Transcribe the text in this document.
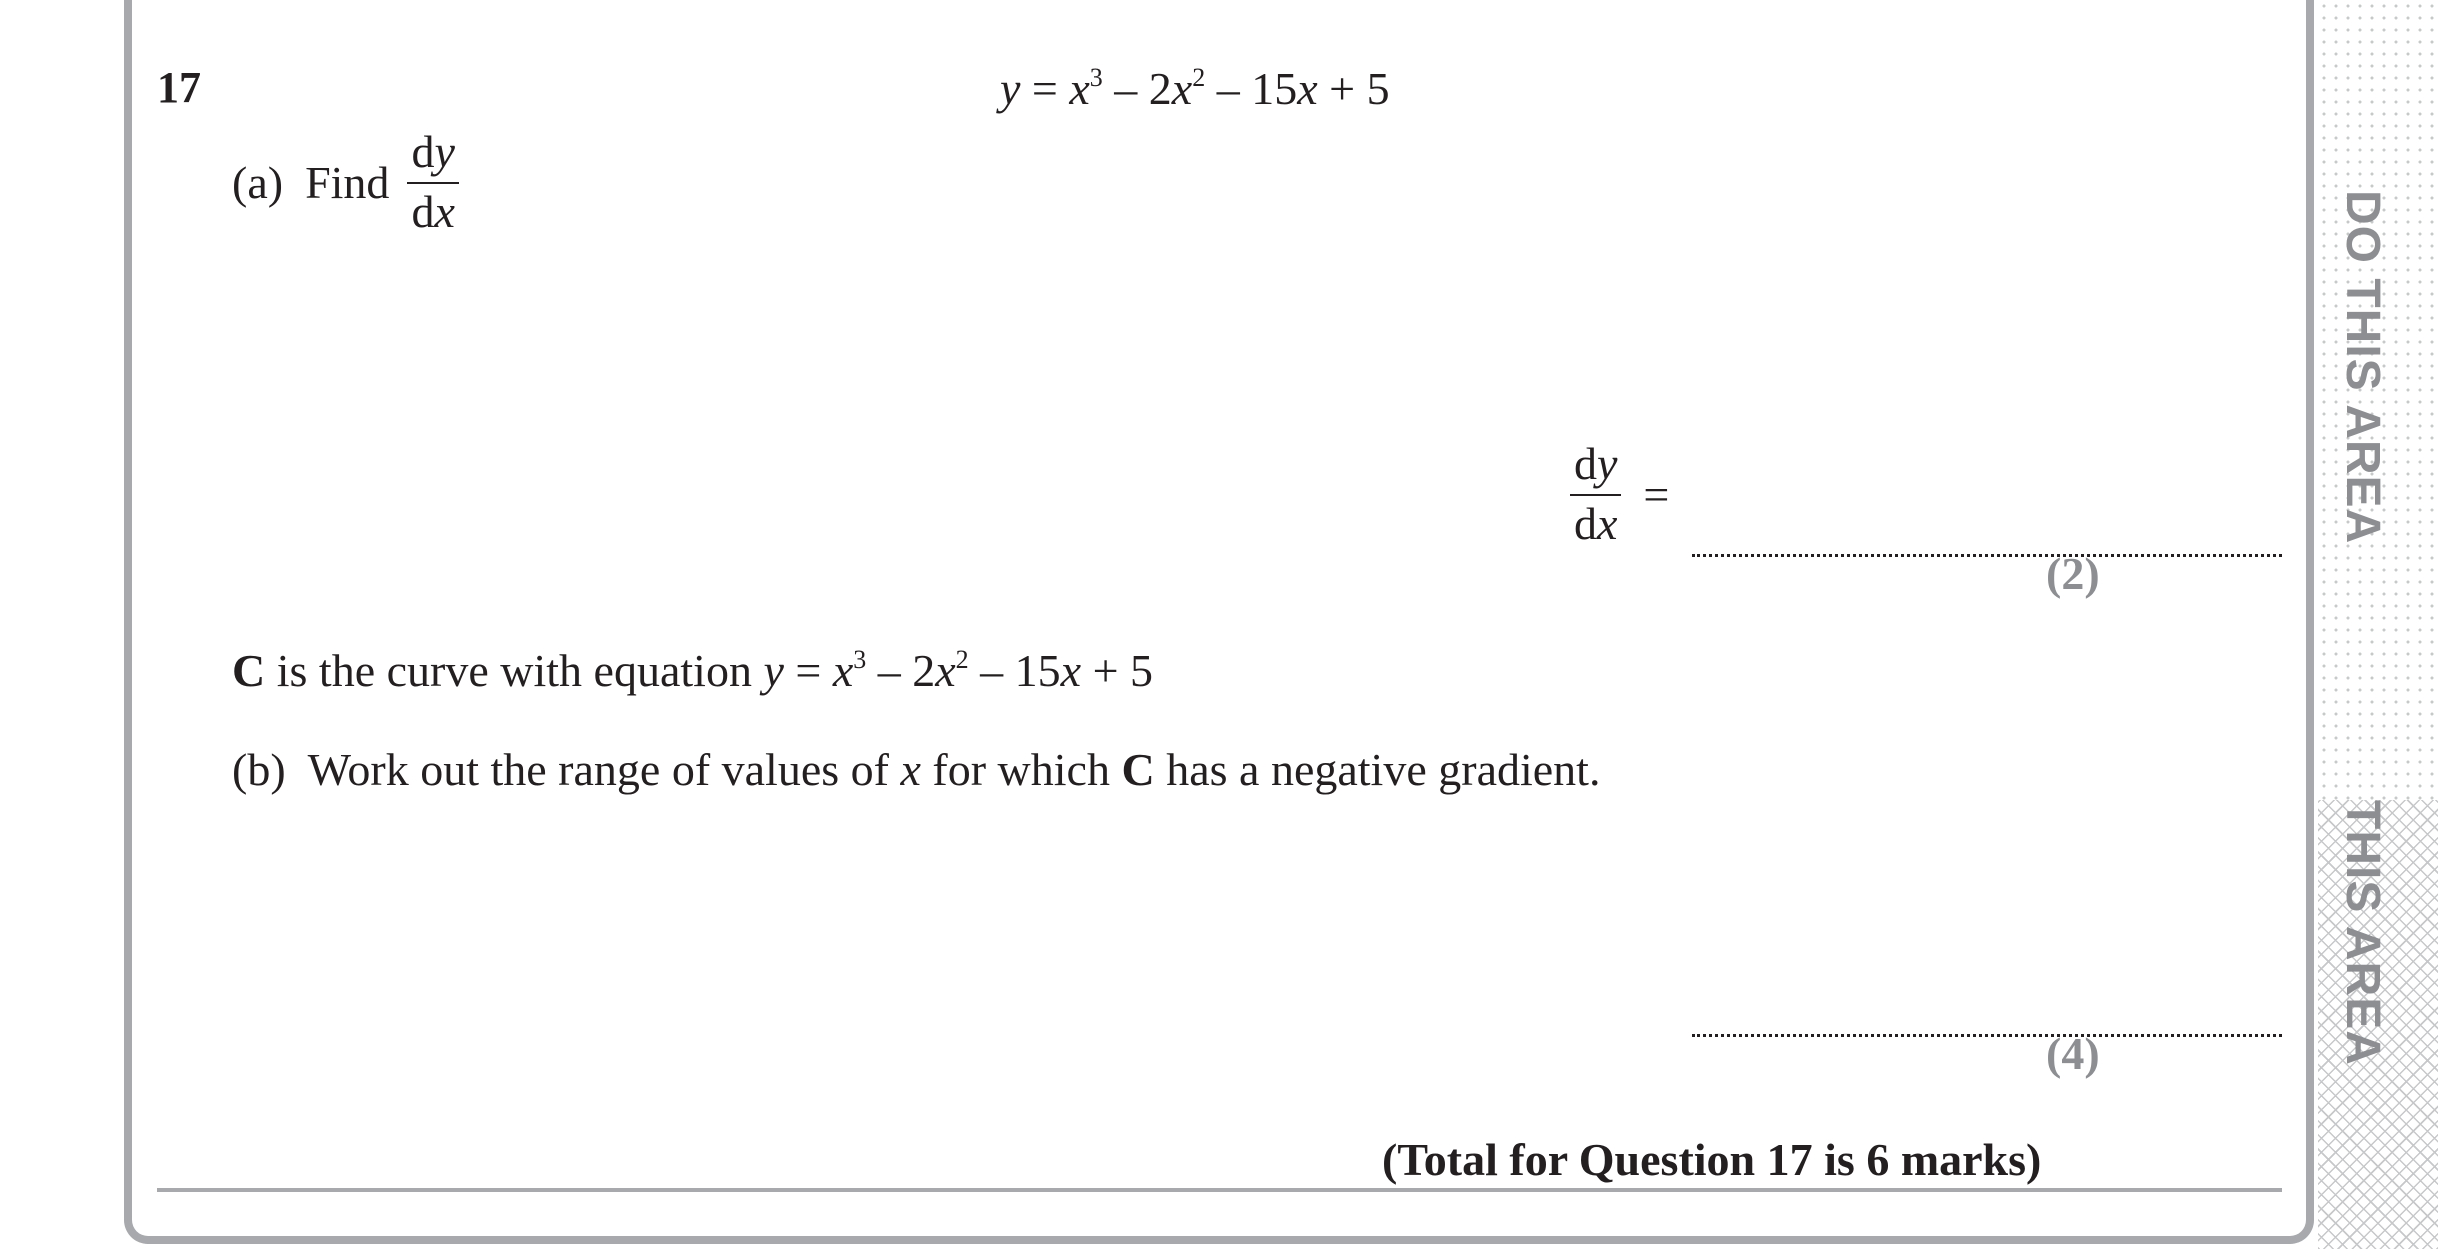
DO THIS AREA
THIS AREA
17	$y = x^3 - 2x^2 - 15x + 5$
(a) Find $\frac{dy}{dx}$
$\frac{dy}{dx}$ =
(2)
C is the curve with equation $y = x^3 - 2x^2 - 15x + 5$
(b) Work out the range of values of x for which C has a negative gradient.
(4)
(Total for Question 17 is 6 marks)
